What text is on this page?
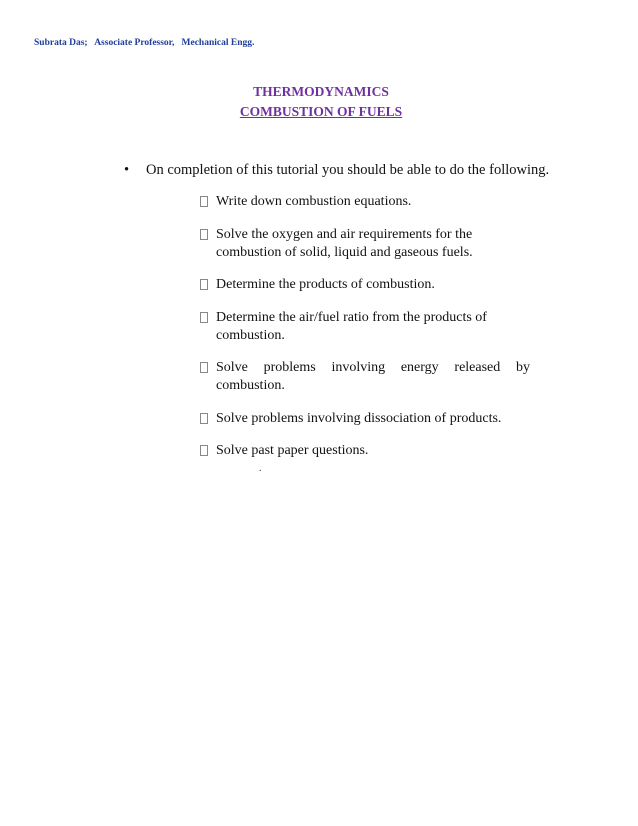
Subrata Das; Associate Professor, Mechanical Engg.
THERMODYNAMICS
COMBUSTION OF FUELS
• On completion of this tutorial you should be able to do the following.
Write down combustion equations.
Solve the oxygen and air requirements for the combustion of solid, liquid and gaseous fuels.
Determine the products of combustion.
Determine the air/fuel ratio from the products of combustion.
Solve problems involving energy released by combustion.
Solve problems involving dissociation of products.
Solve past paper questions.
.
